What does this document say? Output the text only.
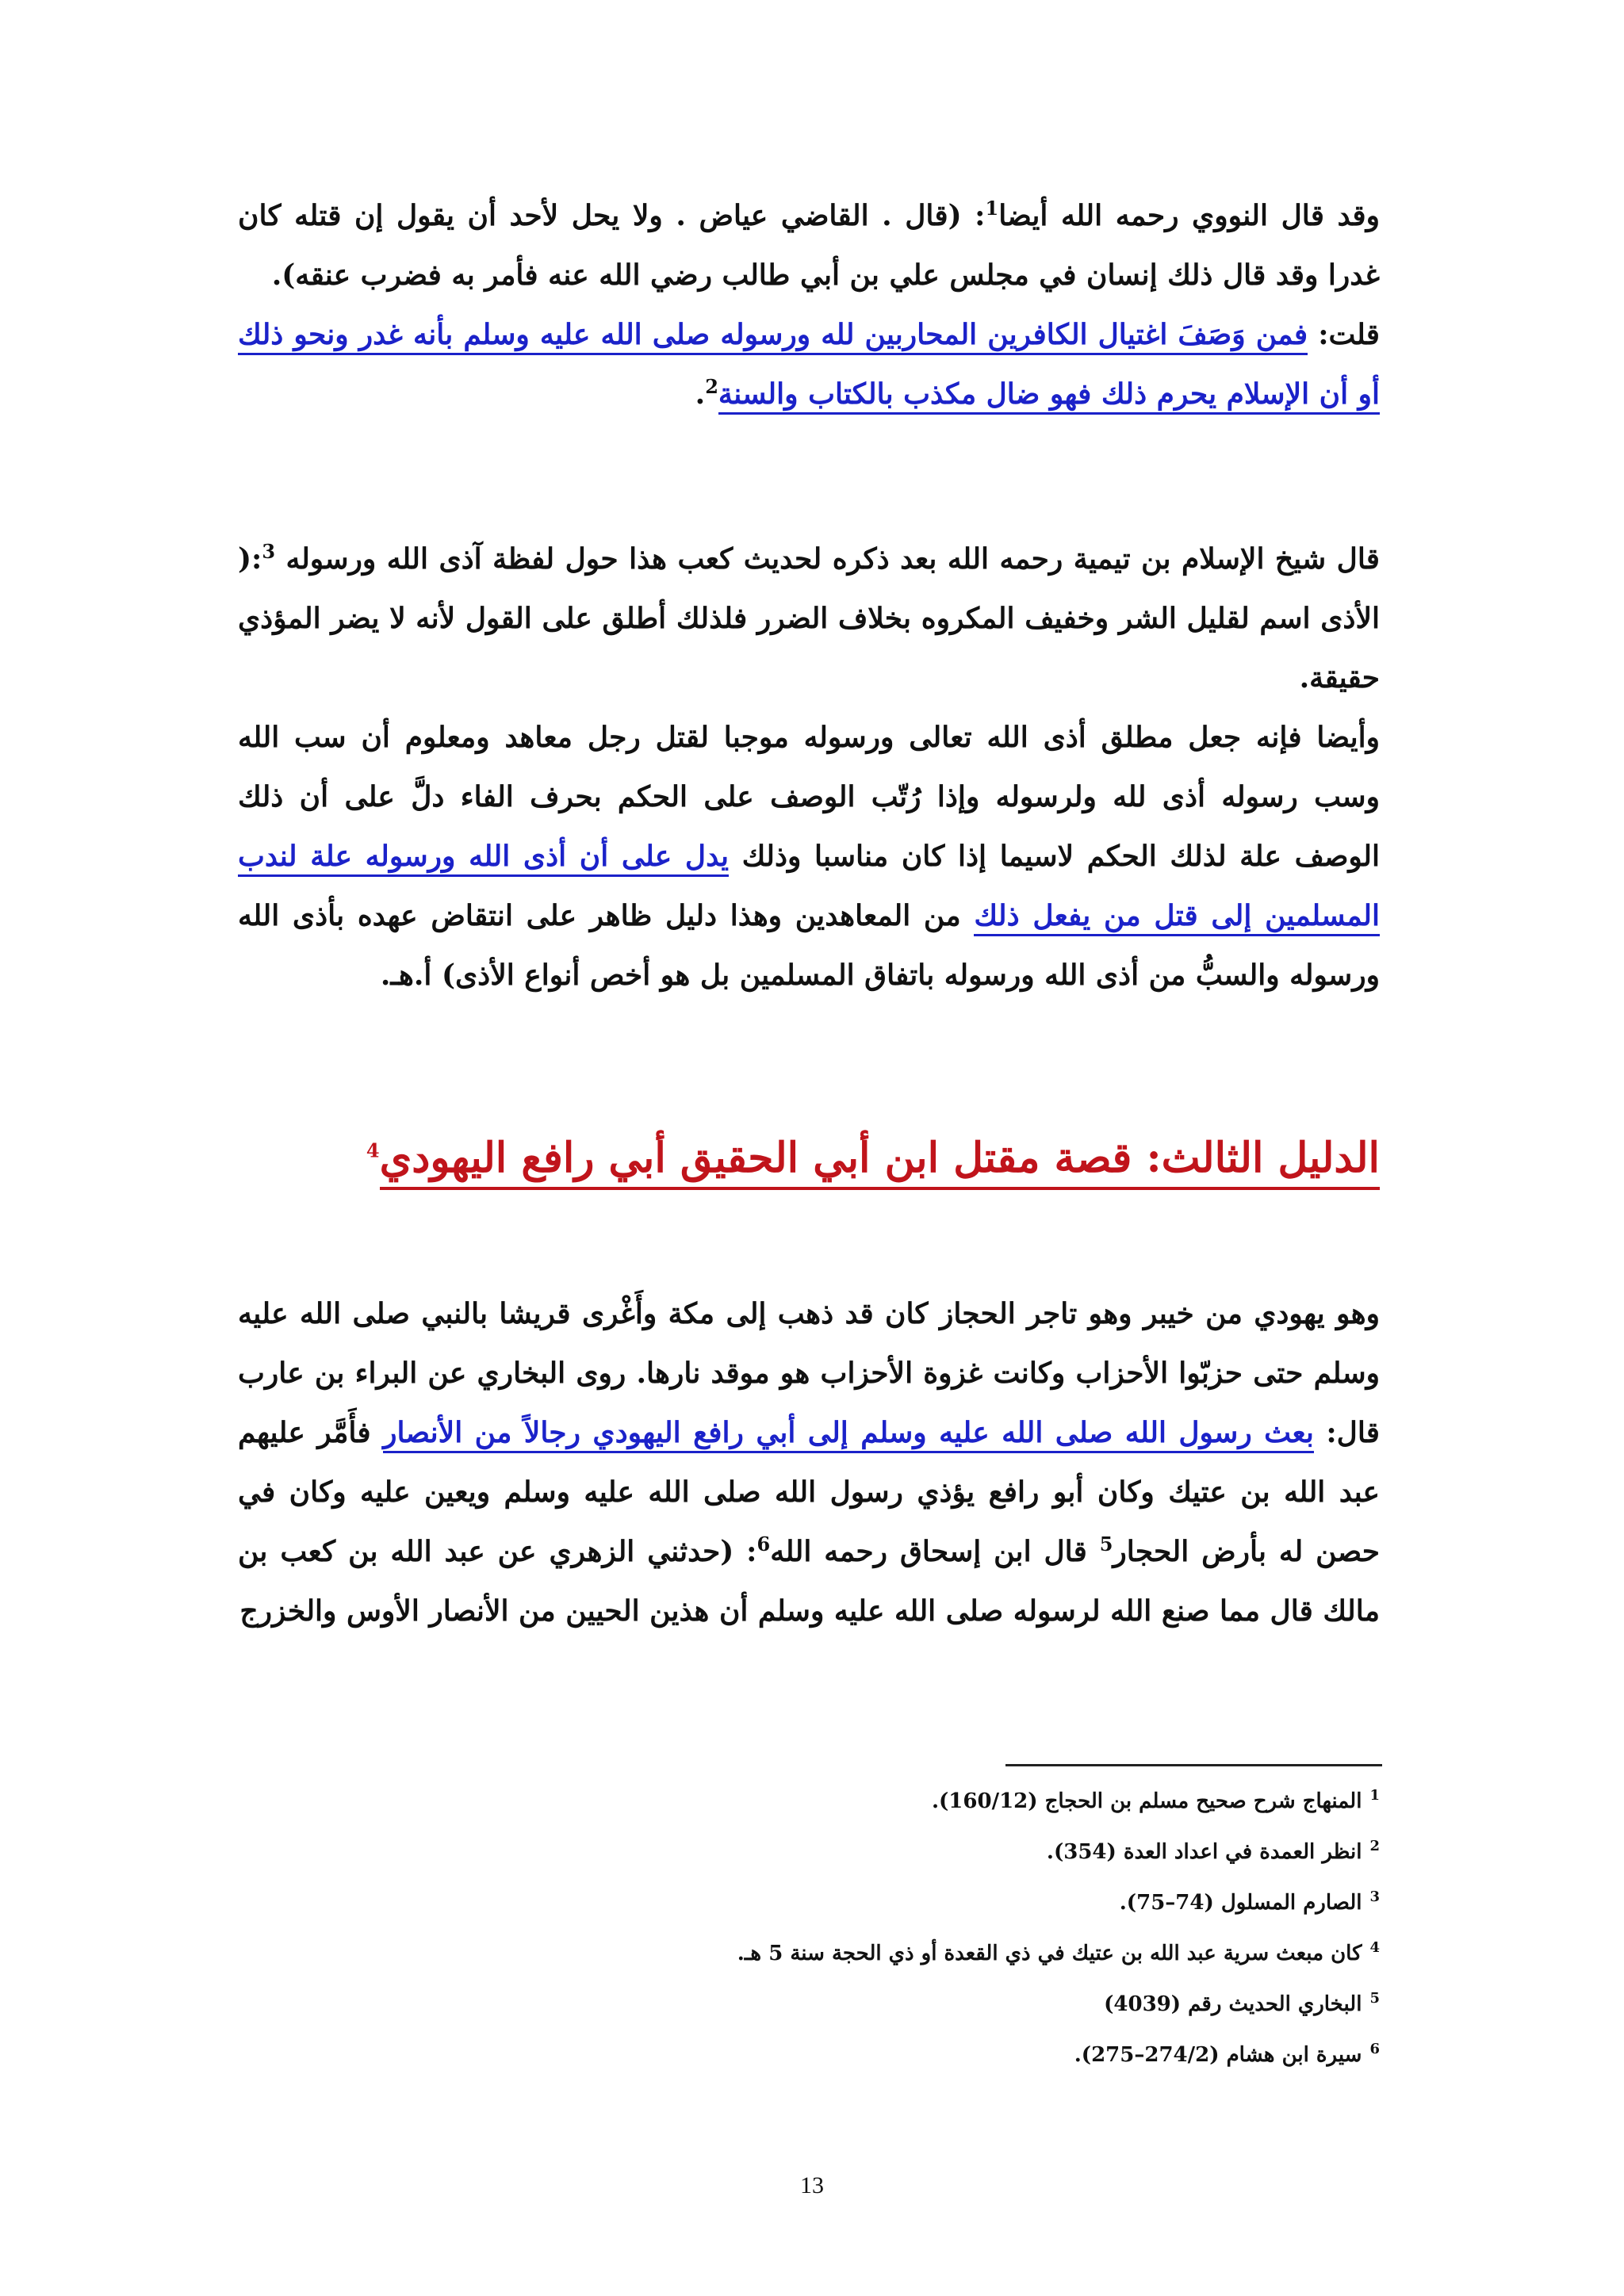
وقد قال النووي رحمه الله أيضا$^1$: (قال . القاضي عياض . ولا يحل لأحد أن يقول إن قتله كان غدرا وقد قال ذلك إنسان في مجلس علي بن أبي طالب رضي الله عنه فأمر به فضرب عنقه).

قلت: فمن وَصَفَ اغتيال الكافرين المحاربين لله ورسوله صلى الله عليه وسلم بأنه غدر ونحو ذلك أو أن الإسلام يحرم ذلك فهو ضال مكذب بالكتاب والسنة$^2$.

قال شيخ الإسلام بن تيمية رحمه الله بعد ذكره لحديث كعب هذا حول لفظة آذى الله ورسوله $^3$:( الأذى اسم لقليل الشر وخفيف المكروه بخلاف الضرر فلذلك أطلق على القول لأنه لا يضر المؤذي حقيقة.

وأيضا فإنه جعل مطلق أذى الله تعالى ورسوله موجبا لقتل رجل معاهد ومعلوم أن سب الله وسب رسوله أذى لله ولرسوله وإذا رُتّب الوصف على الحكم بحرف الفاء دلَّ على أن ذلك الوصف علة لذلك الحكم لاسيما إذا كان مناسبا وذلك يدل على أن أذى الله ورسوله علة لندب المسلمين إلى قتل من يفعل ذلك من المعاهدين وهذا دليل ظاهر على انتقاض عهده بأذى الله ورسوله والسبُّ من أذى الله ورسوله باتفاق المسلمين بل هو أخص أنواع الأذى) أ.هـ.

الدليل الثالث: قصة مقتل ابن أبي الحقيق أبي رافع اليهودي$^4$

وهو يهودي من خيبر وهو تاجر الحجاز كان قد ذهب إلى مكة وأَغْرى قريشا بالنبي صلى الله عليه وسلم حتى حزبّوا الأحزاب وكانت غزوة الأحزاب هو موقد نارها. روى البخاري عن البراء بن عارب قال: بعث رسول الله صلى الله عليه وسلم إلى أبي رافع اليهودي رجالاً من الأنصار فأَمَّر عليهم عبد الله بن عتيك وكان أبو رافع يؤذي رسول الله صلى الله عليه وسلم ويعين عليه وكان في حصن له بأرض الحجار$^5$ قال ابن إسحاق رحمه الله$^6$: (حدثني الزهري عن عبد الله بن كعب بن مالك قال مما صنع الله لرسوله صلى الله عليه وسلم أن هذين الحيين من الأنصار الأوس والخزرج

$^1$المنهاج شرح صحيح مسلم بن الحجاج (160/12).

$^2$انظر العمدة في اعداد العدة (354).

$^3$الصارم المسلول (74–75).

$^4$كان مبعث سرية عبد الله بن عتيك في ذي القعدة أو ذي الحجة سنة 5 هـ.

$^5$البخاري الحديث رقم (4039)

$^6$سيرة ابن هشام (274/2–275).

13
